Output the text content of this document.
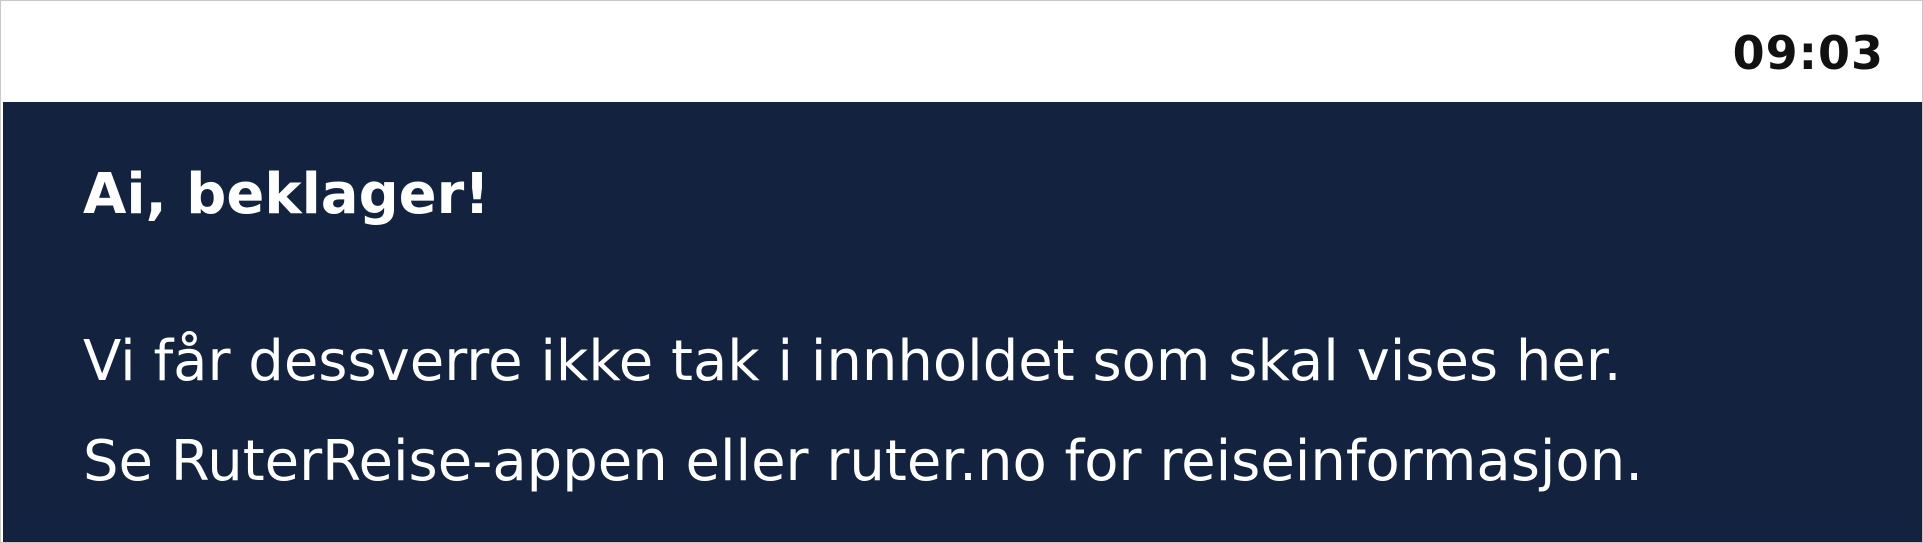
09:03
Ai, beklager!

Vi får dessverre ikke tak i innholdet som skal vises her.
Se RuterReise-appen eller ruter.no for reiseinformasjon.
